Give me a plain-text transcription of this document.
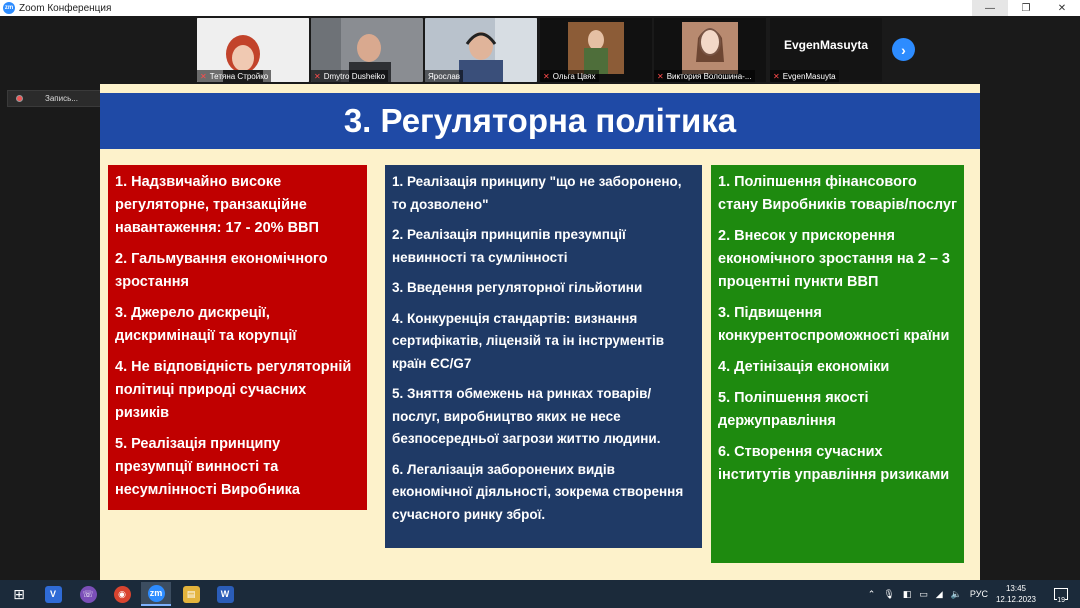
zm Zoom Конференция	—	❐	✕
✕ Тетяна Стройко	✕ Dmytro Dusheiko	Ярослав	✕ Ольга Цвях	✕ Виктория Волошина-...
EvgenMasuyta
✕ EvgenMasuyta
›
Запись...
3. Регуляторна політика
1. Надзвичайно високе регуляторне, транзакційне навантаження: 17 - 20% ВВП
2. Гальмування економічного зростання
3. Джерело дискреції, дискримінації та корупції
4. Не відповідність регуляторній політиці природі сучасних ризиків
5. Реалізація принципу презумпції винності та несумлінності Виробника
1. Реалізація принципу "що не заборонено, то дозволено"
2. Реалізація принципів презумпції невинності та сумлінності
3. Введення регуляторної гільйотини
4. Конкуренція стандартів: визнання сертифікатів, ліцензій та ін інструментів країн ЄС/G7
5. Зняття обмежень на ринках товарів/послуг, виробництво яких не несе безпосередньої загрози життю людини.
6. Легалізація заборонених видів економічної діяльності, зокрема створення сучасного ринку зброї.
1. Поліпшення фінансового стану Виробників товарів/послуг
2. Внесок у прискорення економічного зростання на 2 – 3 процентні пункти ВВП
3. Підвищення конкурентоспроможності країни
4. Детінізація економіки
5. Поліпшення якості держуправління
6. Створення сучасних інститутів управління ризиками
⊞	V	☏	◉	zm	▤	W	⌃ 🎙 ◧ ▭ ◢ 🔈 РУС
13:45
12.12.2023	19
